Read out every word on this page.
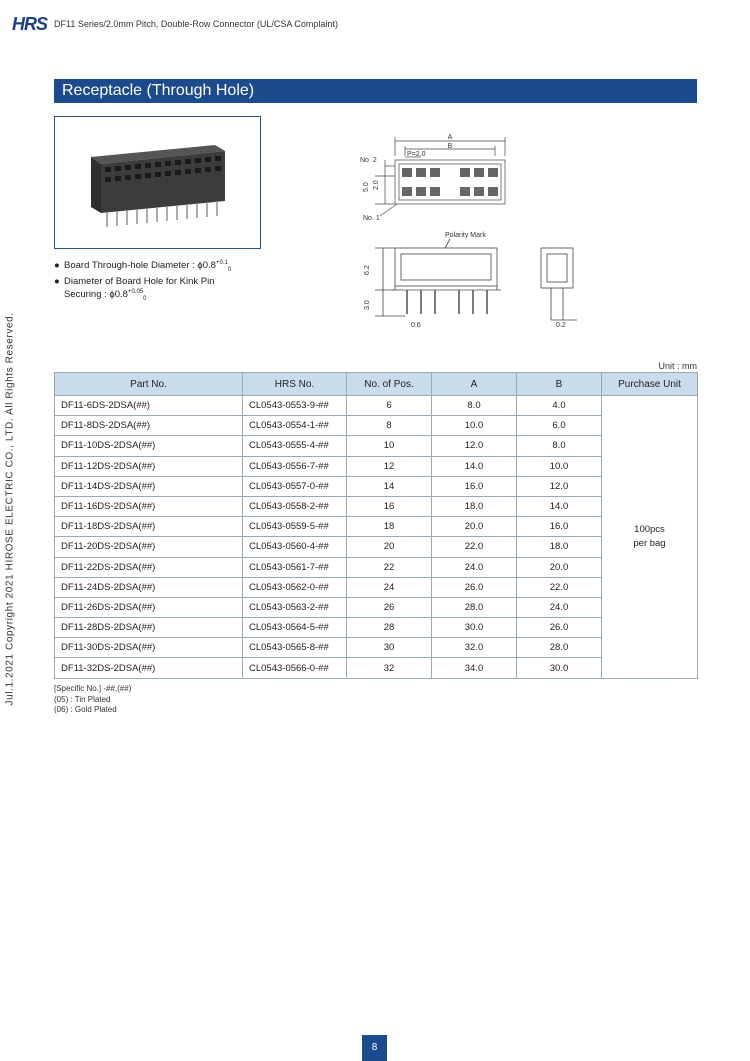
HRS DF11 Series/2.0mm Pitch, Double-Row Connector (UL/CSA Complaint)
Jul.1.2021 Copyright 2021 HIROSE ELECTRIC CO., LTD. All Rights Reserved.
Receptacle (Through Hole)
● Board Through-hole Diameter : $\phi 0.8^{+0.1}_0$
● Diameter of Board Hole for Kink Pin
Securing : $\phi 0.8^{+0.05}_0$
A
B
P=2.0
No. 2
No. 1
5.0 2.0
Polarity Mark
6.2
3.0
0.6	0.2
Unit : mm
Part No.	HRS No.	No. of Pos.	A	B	Purchase Unit
DF11-6DS-2DSA(##)	CL0543-0553-9-##	6	8.0	4.0	100pcs
per bag

DF11-8DS-2DSA(##)	CL0543-0554-1-##	8	10.0	6.0	
DF11-10DS-2DSA(##)	CL0543-0555-4-##	10	12.0	8.0	
DF11-12DS-2DSA(##)	CL0543-0556-7-##	12	14.0	10.0	
DF11-14DS-2DSA(##)	CL0543-0557-0-##	14	16.0	12.0	
DF11-16DS-2DSA(##)	CL0543-0558-2-##	16	18.0	14.0	
DF11-18DS-2DSA(##)	CL0543-0559-5-##	18	20.0	16.0	
DF11-20DS-2DSA(##)	CL0543-0560-4-##	20	22.0	18.0	
DF11-22DS-2DSA(##)	CL0543-0561-7-##	22	24.0	20.0	
DF11-24DS-2DSA(##)	CL0543-0562-0-##	24	26.0	22.0	
DF11-26DS-2DSA(##)	CL0543-0563-2-##	26	28.0	24.0	
DF11-28DS-2DSA(##)	CL0543-0564-5-##	28	30.0	26.0	
DF11-30DS-2DSA(##)	CL0543-0565-8-##	30	32.0	28.0	
DF11-32DS-2DSA(##)	CL0543-0566-0-##	32	34.0	30.0	
[Specific No.] -##,(##)
(05) : Tin Plated
(06) : Gold Plated
8
